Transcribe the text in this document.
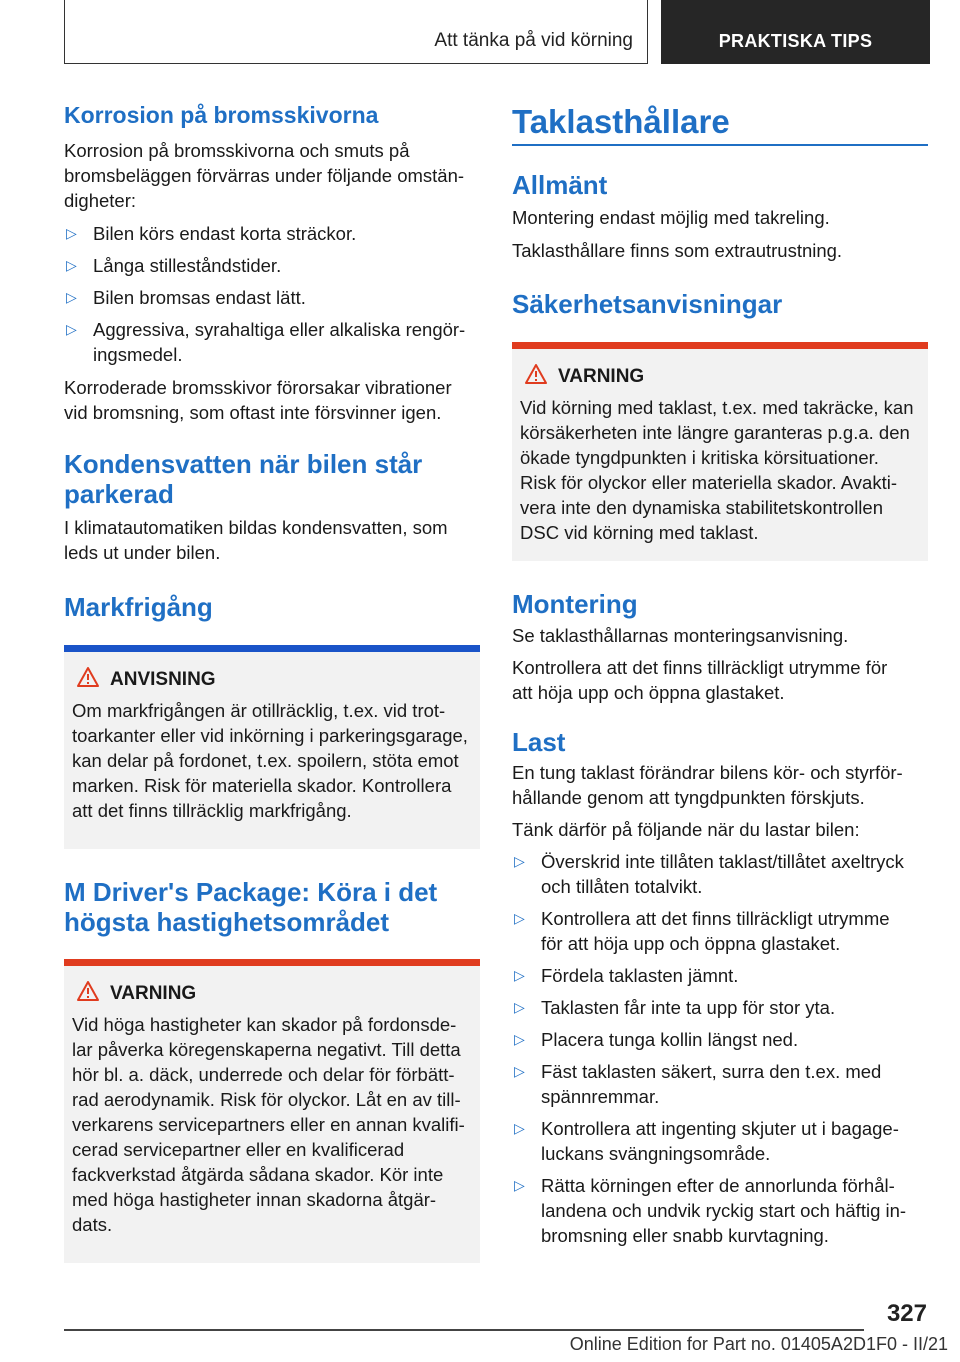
Att tänka på vid körning	PRAKTISKA TIPS
Korrosion på bromsskivorna

Korrosion på bromsskivorna och smuts på

bromsbeläggen förvärras under följande omstän-

digheter:

▷ Bilen körs endast korta sträckor.
▷ Långa stilleståndstider.
▷ Bilen bromsas endast lätt.
▷ Aggressiva, syrahaltiga eller alkaliska rengör-
ingsmedel.

Korroderade bromsskivor förorsakar vibrationer

vid bromsning, som oftast inte försvinner igen.

Kondensvatten när bilen står
parkerad

I klimatautomatiken bildas kondensvatten, som

leds ut under bilen.

Markfrigång
ANVISNING

Om markfrigången är otillräcklig, t.ex. vid trot-

toarkanter eller vid inkörning i parkeringsgarage,

kan delar på fordonet, t.ex. spoilern, stöta emot

marken. Risk för materiella skador. Kontrollera

att det finns tillräcklig markfrigång.

M Driver's Package: Köra i det
högsta hastighetsområdet
VARNING

Vid höga hastigheter kan skador på fordonsde-

lar påverka köregenskaperna negativt. Till detta

hör bl. a. däck, underrede och delar för förbätt-

rad aerodynamik. Risk för olyckor. Låt en av till-

verkarens servicepartners eller en annan kvalifi-

cerad servicepartner eller en kvalificerad

fackverkstad åtgärda sådana skador. Kör inte

med höga hastigheter innan skadorna åtgär-

dats.

Taklasthållare
Allmänt

Montering endast möjlig med takreling.

Taklasthållare finns som extrautrustning.

Säkerhetsanvisningar
VARNING

Vid körning med taklast, t.ex. med takräcke, kan

körsäkerheten inte längre garanteras p.g.a. den

ökade tyngdpunkten i kritiska körsituationer.

Risk för olyckor eller materiella skador. Avakti-

vera inte den dynamiska stabilitetskontrollen

DSC vid körning med taklast.

Montering

Se taklasthållarnas monteringsanvisning.

Kontrollera att det finns tillräckligt utrymme för

att höja upp och öppna glastaket.

Last

En tung taklast förändrar bilens kör- och styrför-

hållande genom att tyngdpunkten förskjuts.

Tänk därför på följande när du lastar bilen:

▷ Överskrid inte tillåten taklast/tillåtet axeltryck
och tillåten totalvikt.
▷ Kontrollera att det finns tillräckligt utrymme
för att höja upp och öppna glastaket.
▷ Fördela taklasten jämnt.
▷ Taklasten får inte ta upp för stor yta.
▷ Placera tunga kollin längst ned.
▷ Fäst taklasten säkert, surra den t.ex. med
spännremmar.
▷ Kontrollera att ingenting skjuter ut i bagage-
luckans svängningsområde.
▷ Rätta körningen efter de annorlunda förhål-
landena och undvik ryckig start och häftig in-
bromsning eller snabb kurvtagning.
327
Online Edition for Part no. 01405A2D1F0 - II/21
